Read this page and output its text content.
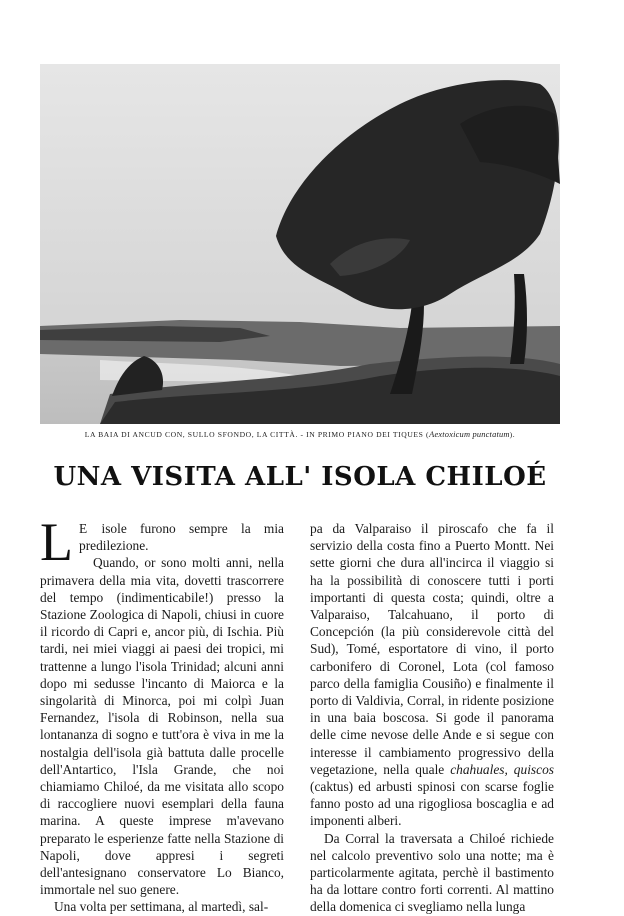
LA BAIA DI ANCUD CON, SULLO SFONDO, LA CITTÀ. - IN PRIMO PIANO DEI TIQUES (Aextoxicum punctatum).
UNA VISITA ALL' ISOLA CHILOÉ

L E isole furono sempre la mia predilezione.

Quando, or sono molti anni, nella primavera della mia vita, dovetti trascorrere del tempo (indimenticabile!) presso la Stazione Zoologica di Napoli, chiusi in cuore il ricordo di Capri e, ancor più, di Ischia. Più tardi, nei miei viaggi ai paesi dei tropici, mi trattenne a lungo l'isola Trinidad; alcuni anni dopo mi sedusse l'incanto di Maiorca e la singolarità di Minorca, poi mi colpì Juan Fernandez, l'isola di Robinson, nella sua lontananza di sogno e tutt'ora è viva in me la nostalgia dell'isola già battuta dalle procelle dell'Antartico, l'Isla Grande, che noi chiamiamo Chiloé, da me visitata allo scopo di raccogliere nuovi esemplari della fauna marina. A queste imprese m'avevano preparato le esperienze fatte nella Stazione di Napoli, dove appresi i segreti dell'antesignano conservatore Lo Bianco, immortale nel suo genere.

Una volta per settimana, al martedì, sal-

pa da Valparaiso il piroscafo che fa il servizio della costa fino a Puerto Montt. Nei sette giorni che dura all'incirca il viaggio si ha la possibilità di conoscere tutti i porti importanti di questa costa; quindi, oltre a Valparaiso, Talcahuano, il porto di Concepción (la più considerevole città del Sud), Tomé, esportatore di vino, il porto carbonifero di Coronel, Lota (col famoso parco della famiglia Cousiño) e finalmente il porto di Valdivia, Corral, in ridente posizione in una baia boscosa. Si gode il panorama delle cime nevose delle Ande e si segue con interesse il cambiamento progressivo della vegetazione, nella quale chahuales, quiscos (caktus) ed arbusti spinosi con scarse foglie fanno posto ad una rigogliosa boscaglia e ad imponenti alberi.

Da Corral la traversata a Chiloé richiede nel calcolo preventivo solo una notte; ma è particolarmente agitata, perchè il bastimento ha da lottare contro forti correnti. Al mattino della domenica ci svegliamo nella lunga
